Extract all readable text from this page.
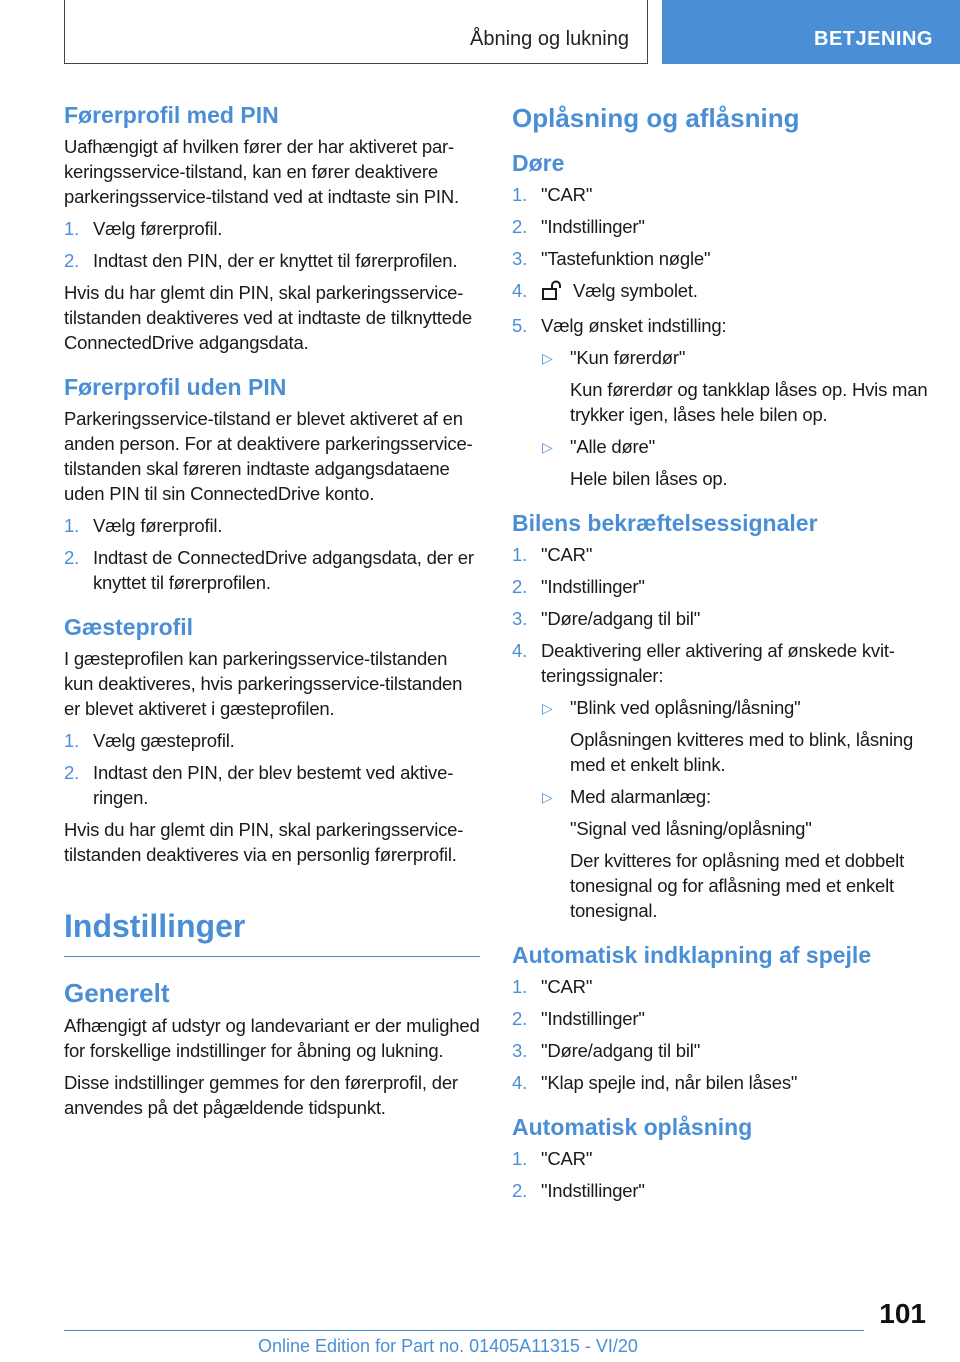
Åbning og lukning	BETJENING
Førerprofil med PIN

Uafhængigt af hvilken fører der har aktiveret parkeringsservice-tilstand, kan en fører deaktivere parkeringsservice-tilstand ved at indtaste sin PIN.

1. Vælg førerprofil.
2. Indtast den PIN, der er knyttet til førerprofilen.

Hvis du har glemt din PIN, skal parkeringsservice-tilstanden deaktiveres ved at indtaste de tilknyttede ConnectedDrive adgangsdata.

Førerprofil uden PIN

Parkeringsservice-tilstand er blevet aktiveret af en anden person. For at deaktivere parkeringsservice-tilstanden skal føreren indtaste adgangsdataene uden PIN til sin ConnectedDrive konto.

1. Vælg førerprofil.
2. Indtast de ConnectedDrive adgangsdata, der er knyttet til førerprofilen.
Gæsteprofil

I gæsteprofilen kan parkeringsservice-tilstanden kun deaktiveres, hvis parkeringsservice-tilstanden er blevet aktiveret i gæsteprofilen.

1. Vælg gæsteprofil.
2. Indtast den PIN, der blev bestemt ved aktiveringen.

Hvis du har glemt din PIN, skal parkeringsservice-tilstanden deaktiveres via en personlig førerprofil.

Indstillinger
Generelt

Afhængigt af udstyr og landevariant er der mulighed for forskellige indstillinger for åbning og lukning.

Disse indstillinger gemmes for den førerprofil, der anvendes på det pågældende tidspunkt.

Oplåsning og aflåsning
Døre
1. "CAR"
2. "Indstillinger"
3. "Tastefunktion nøgle"
4. Vælg symbolet.
5. Vælg ønsket indstilling:
▷ "Kun førerdør"

Kun førerdør og tankklap låses op. Hvis man trykker igen, låses hele bilen op.

▷ "Alle døre"

Hele bilen låses op.

Bilens bekræftelsessignaler
1. "CAR"
2. "Indstillinger"
3. "Døre/adgang til bil"
4. Deaktivering eller aktivering af ønskede kvitteringssignaler:
▷ "Blink ved oplåsning/låsning"

Oplåsningen kvitteres med to blink, låsning med et enkelt blink.

▷ Med alarmanlæg:

"Signal ved låsning/oplåsning"

Der kvitteres for oplåsning med et dobbelt tonesignal og for aflåsning med et enkelt tonesignal.

Automatisk indklapning af spejle
1. "CAR"
2. "Indstillinger"
3. "Døre/adgang til bil"
4. "Klap spejle ind, når bilen låses"
Automatisk oplåsning
1. "CAR"
2. "Indstillinger"
101
Online Edition for Part no. 01405A11315 - VI/20
